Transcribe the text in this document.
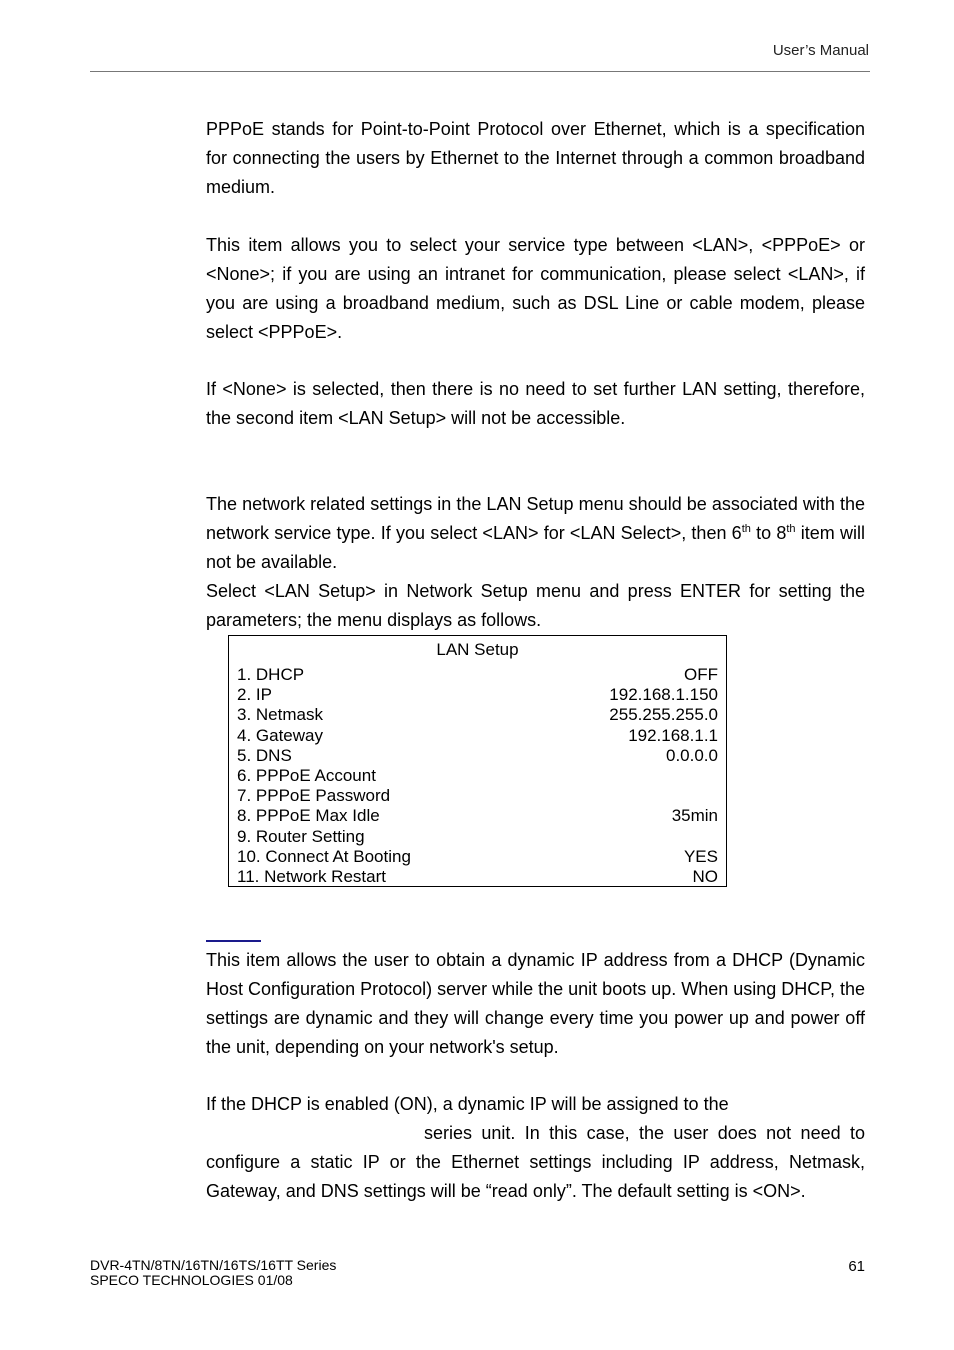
User’s Manual

PPPoE stands for Point-to-Point Protocol over Ethernet, which is a specification for connecting the users by Ethernet to the Internet through a common broadband medium.

This item allows you to select your service type between <LAN>, <PPPoE> or <None>; if you are using an intranet for communication, please select <LAN>, if you are using a broadband medium, such as DSL Line or cable modem, please select <PPPoE>.

If <None> is selected, then there is no need to set further LAN setting, therefore, the second item <LAN Setup> will not be accessible.

The network related settings in the LAN Setup menu should be associated with the network service type. If you select <LAN> for <LAN Select>, then 6th to 8th item will not be available.

Select <LAN Setup> in Network Setup menu and press ENTER for setting the parameters; the menu displays as follows.

LAN Setup
1. DHCP	OFF
2. IP	192.168.1.150
3. Netmask	255.255.255.0
4. Gateway	192.168.1.1
5. DNS	0.0.0.0
6. PPPoE Account
7. PPPoE Password
8. PPPoE Max Idle	35min
9. Router Setting
10. Connect At Booting	YES
11. Network Restart	NO

This item allows the user to obtain a dynamic IP address from a DHCP (Dynamic Host Configuration Protocol) server while the unit boots up. When using DHCP, the settings are dynamic and they will change every time you power up and power off the unit, depending on your network's setup.

If the DHCP is enabled (ON), a dynamic IP will be assigned to the
series unit. In this case, the user does not need to configure a static IP or the Ethernet settings including IP address, Netmask, Gateway, and DNS settings will be “read only”. The default setting is <ON>.

DVR-4TN/8TN/16TN/16TS/16TT Series
SPECO TECHNOLOGIES 01/08
61
